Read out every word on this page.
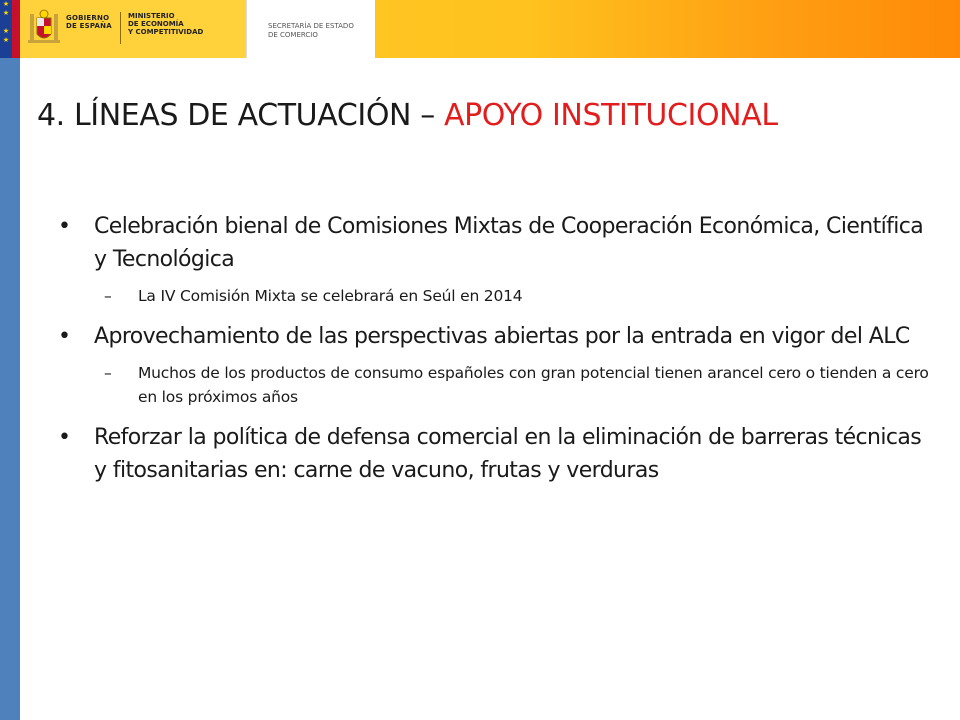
★
★

★
★
GOBIERNO
DE ESPAÑA
MINISTERIO
DE ECONOMÍA
Y COMPETITIVIDAD
SECRETARÍA DE ESTADO
DE COMERCIO
4. LÍNEAS DE ACTUACIÓN – APOYO INSTITUCIONAL
• Celebración bienal de Comisiones Mixtas de Cooperación Económica, Científica y Tecnológica
– La IV Comisión Mixta se celebrará en Seúl en 2014
• Aprovechamiento de las perspectivas abiertas por la entrada en vigor del ALC
– Muchos de los productos de consumo españoles con gran potencial tienen arancel cero o tienden a cero en los próximos años
• Reforzar la política de defensa comercial en la eliminación de barreras técnicas y fitosanitarias en: carne de vacuno, frutas y verduras
